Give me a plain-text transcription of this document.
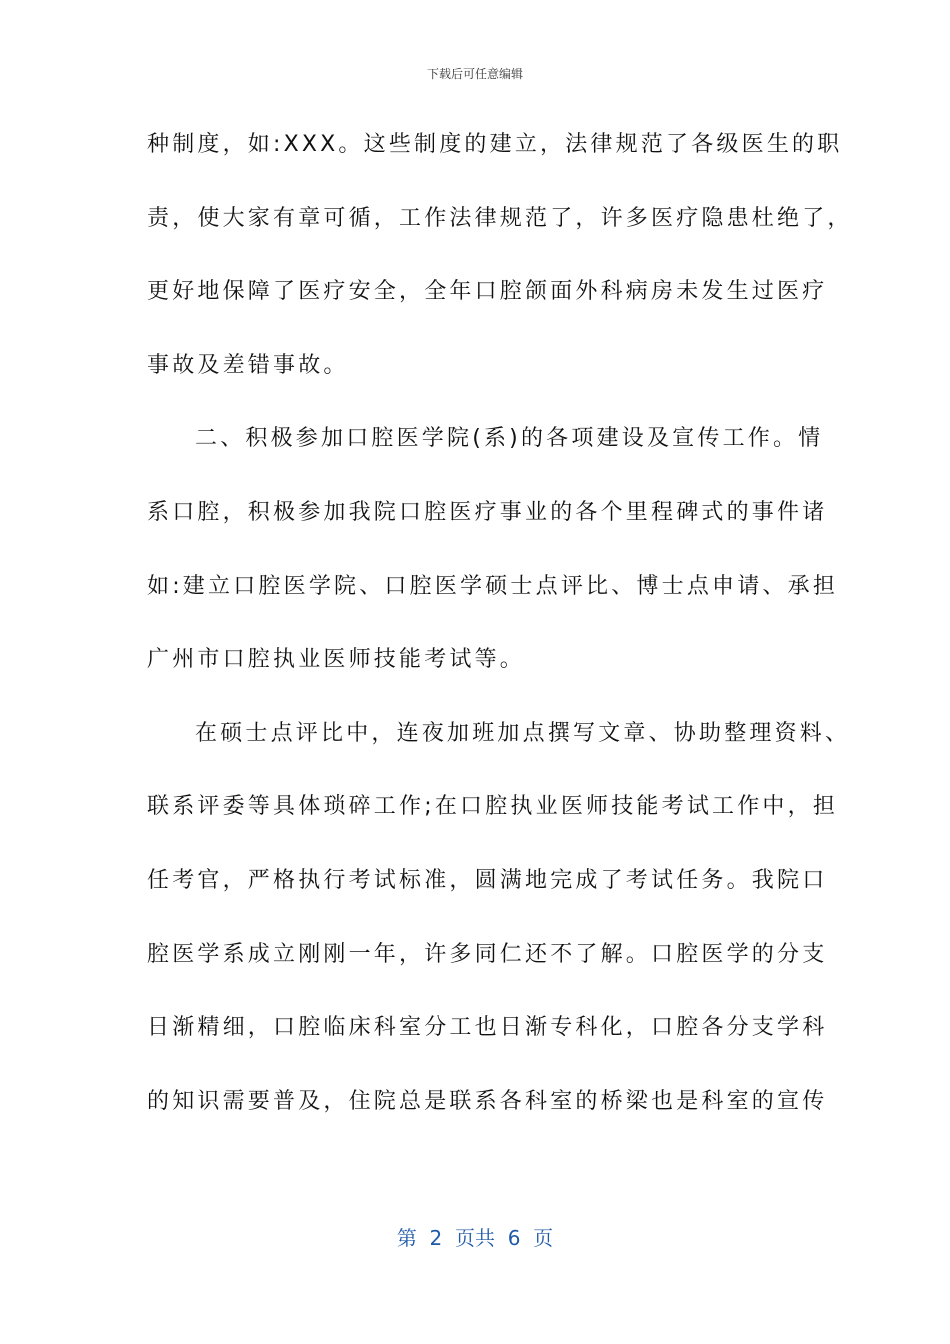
下载后可任意编辑
种制度，如:XXX。这些制度的建立，法律规范了各级医生的职
责，使大家有章可循，工作法律规范了，许多医疗隐患杜绝了，
更好地保障了医疗安全，全年口腔颌面外科病房未发生过医疗
事故及差错事故。
二、积极参加口腔医学院(系)的各项建设及宣传工作。情
系口腔，积极参加我院口腔医疗事业的各个里程碑式的事件诸
如:建立口腔医学院、口腔医学硕士点评比、博士点申请、承担
广州市口腔执业医师技能考试等。
在硕士点评比中，连夜加班加点撰写文章、协助整理资料、
联系评委等具体琐碎工作;在口腔执业医师技能考试工作中，担
任考官，严格执行考试标准，圆满地完成了考试任务。我院口
腔医学系成立刚刚一年，许多同仁还不了解。口腔医学的分支
日渐精细，口腔临床科室分工也日渐专科化，口腔各分支学科
的知识需要普及，住院总是联系各科室的桥梁也是科室的宣传
第  2  页共  6  页
